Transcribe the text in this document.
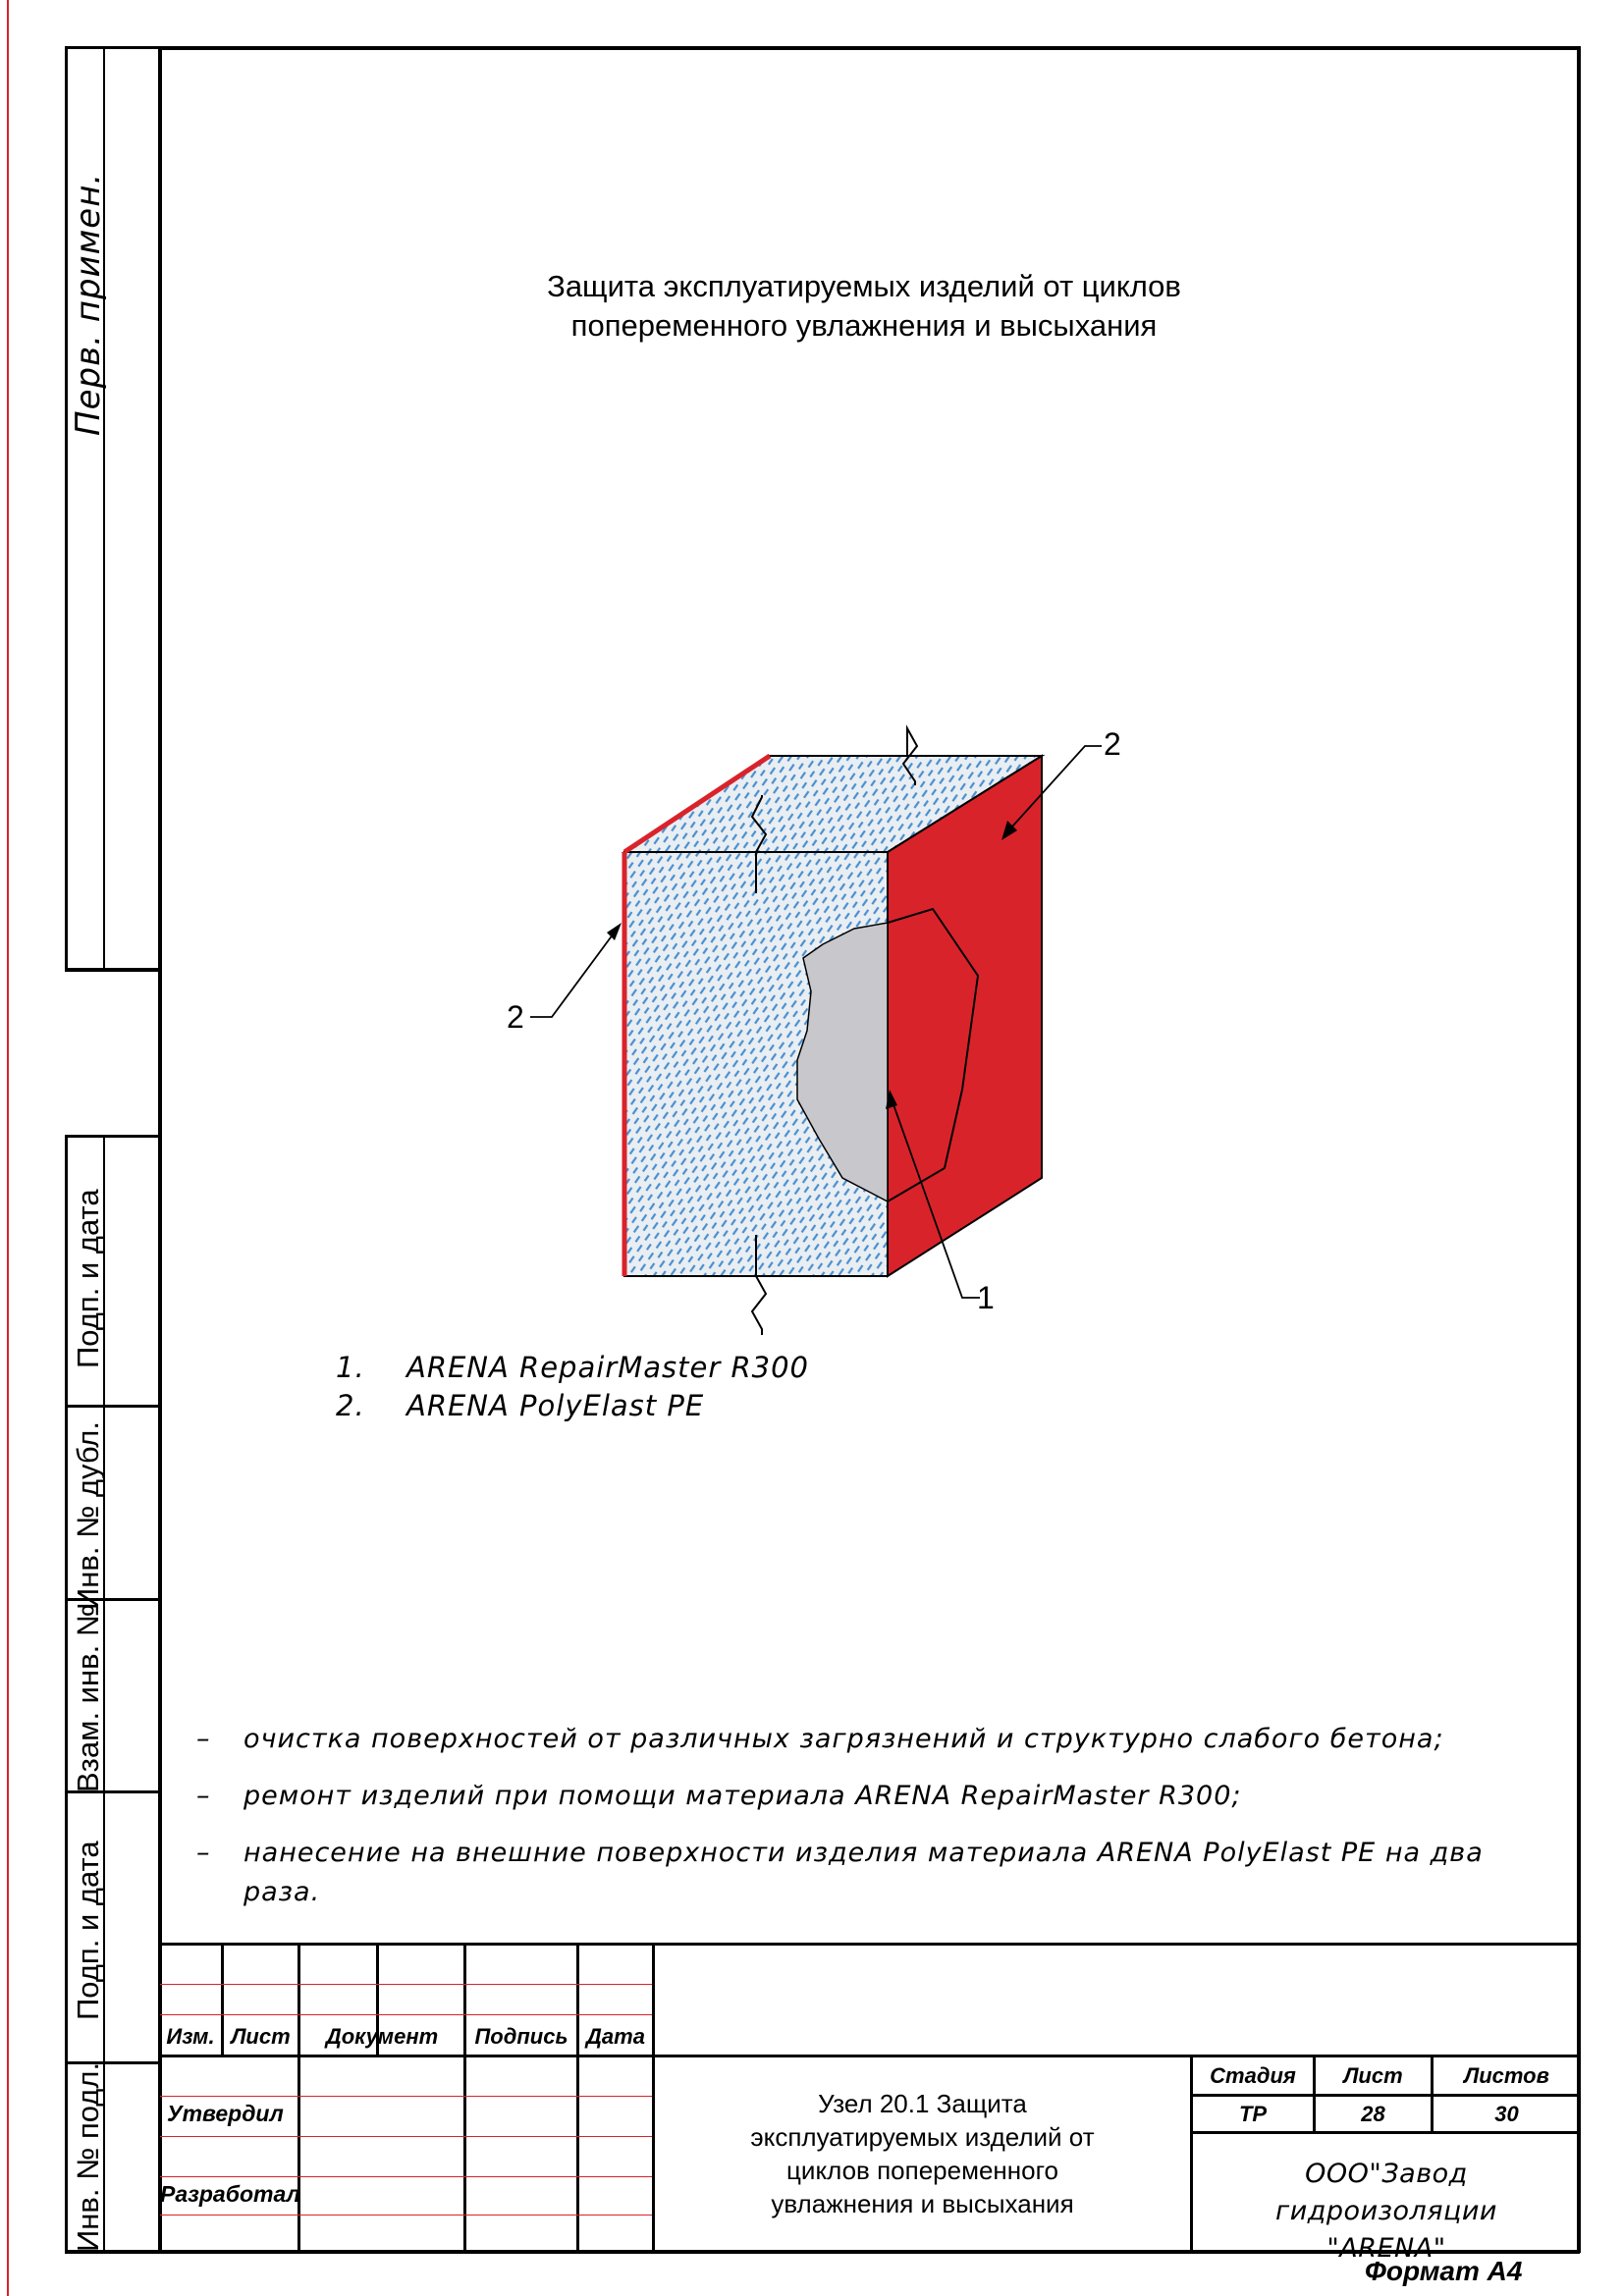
Перв. примен.
Подп. и дата
Инв. № дубл.
Взам. инв. №
Подп. и дата
Инв. № подл.
Защита эксплуатируемых изделий от циклов
попеременного увлажнения и высыхания
1
2
2
1. ARENA RepairMaster R300
2. ARENA PolyElast PE
– очистка поверхностей от различных загрязнений и структурно слабого бетона;
– ремонт изделий при помощи материала ARENA RepairMaster R300;
– нанесение на внешние поверхности изделия материала ARENA PolyElast PE на два
раза.
Изм. Лист	Документ	Подпись Дата
Утвердил
Разработал
Узел 20.1 Защита
эксплуатируемых изделий от
циклов попеременного
увлажнения и высыхания
Стадия	Лист	Листов
ТР	28	30
ООО"Завод гидроизоляции
"ARENA"
Формат А4
